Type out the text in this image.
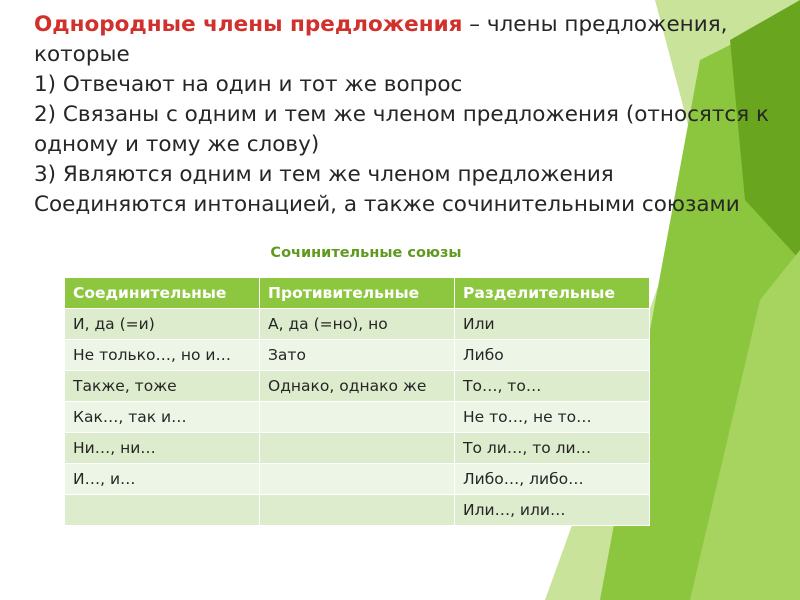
Однородные члены предложения – члены предложения,
которые
1) Отвечают на один и тот же вопрос
2) Связаны с одним и тем же членом предложения (относятся к
одному и тому же слову)
3) Являются одним и тем же членом предложения
Соединяются интонацией, а также сочинительными союзами
Сочинительные союзы
Соединительные	Противительные	Разделительные
И, да (=и)	А, да (=но), но	Или
Не только…, но и…	Зато	Либо
Также, тоже	Однако, однако же	То…, то…
Как…, так и…		Не то…, не то…
Ни…, ни…		То ли…, то ли…
И…, и…		Либо…, либо…
		Или…, или…
